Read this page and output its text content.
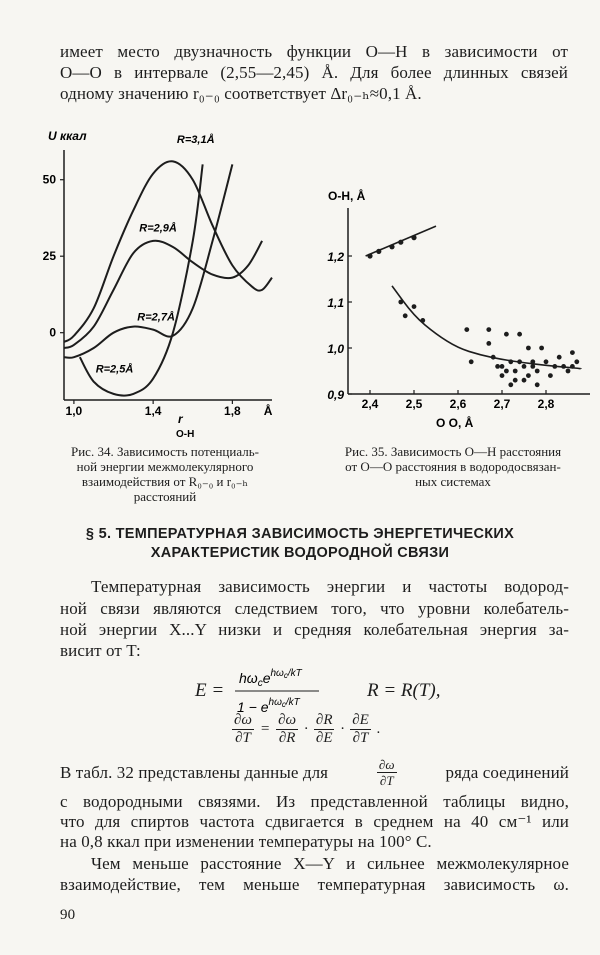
имеет место двузначность функции O—H в зависимости от
O—O в интервале (2,55—2,45) Å. Для более длинных связей
одному значению r₀₋₀ соответствует Δr₀₋ₕ≈0,1 Å.
50
25
0
1,0	1,4	1,8 Å
R=3,1Å
R=2,9Å
R=2,7Å
R=2,5Å
U ккал
r
O-H
1,2
1,1
1,0
0,9
2,4 2,5 2,6 2,7 2,8
O-H, Å
O O, Å
Рис. 34. Зависимость потенциаль-
ной энергии межмолекулярного
взаимодействия от R₀₋₀ и r₀₋ₕ
расстояний
Рис. 35. Зависимость O—H расстояния
от O—O расстояния в водородосвязан-
ных системах
§ 5. ТЕМПЕРАТУРНАЯ ЗАВИСИМОСТЬ ЭНЕРГЕТИЧЕСКИХ
ХАРАКТЕРИСТИК ВОДОРОДНОЙ СВЯЗИ
Температурная зависимость энергии и частоты водород-
ной связи являются следствием того, что уровни колебатель-
ной энергии X...Y низки и средняя колебательная энергия за-
висит от T:
E =
$h\omega_ce^{h\omega}c/kT$
$1 - e^{h\omega}c/kT$
R = R(T),
$\frac{\partial\omega}{\partial T} = \frac{\partial\omega}{\partial R} \cdot \frac{\partial R}{\partial E} \cdot \frac{\partial E}{\partial T}$ .
В табл. 32 представлены данные для	$\frac{\partial\omega}{\partial T}$	ряда соединений
с водородными связями. Из представленной таблицы видно,
что для спиртов частота сдвигается в среднем на 40 см⁻¹ или
на 0,8 ккал при изменении температуры на 100° C.
Чем меньше расстояние X—Y и сильнее межмолекулярное
взаимодействие, тем меньше температурная зависимость ω.
90
